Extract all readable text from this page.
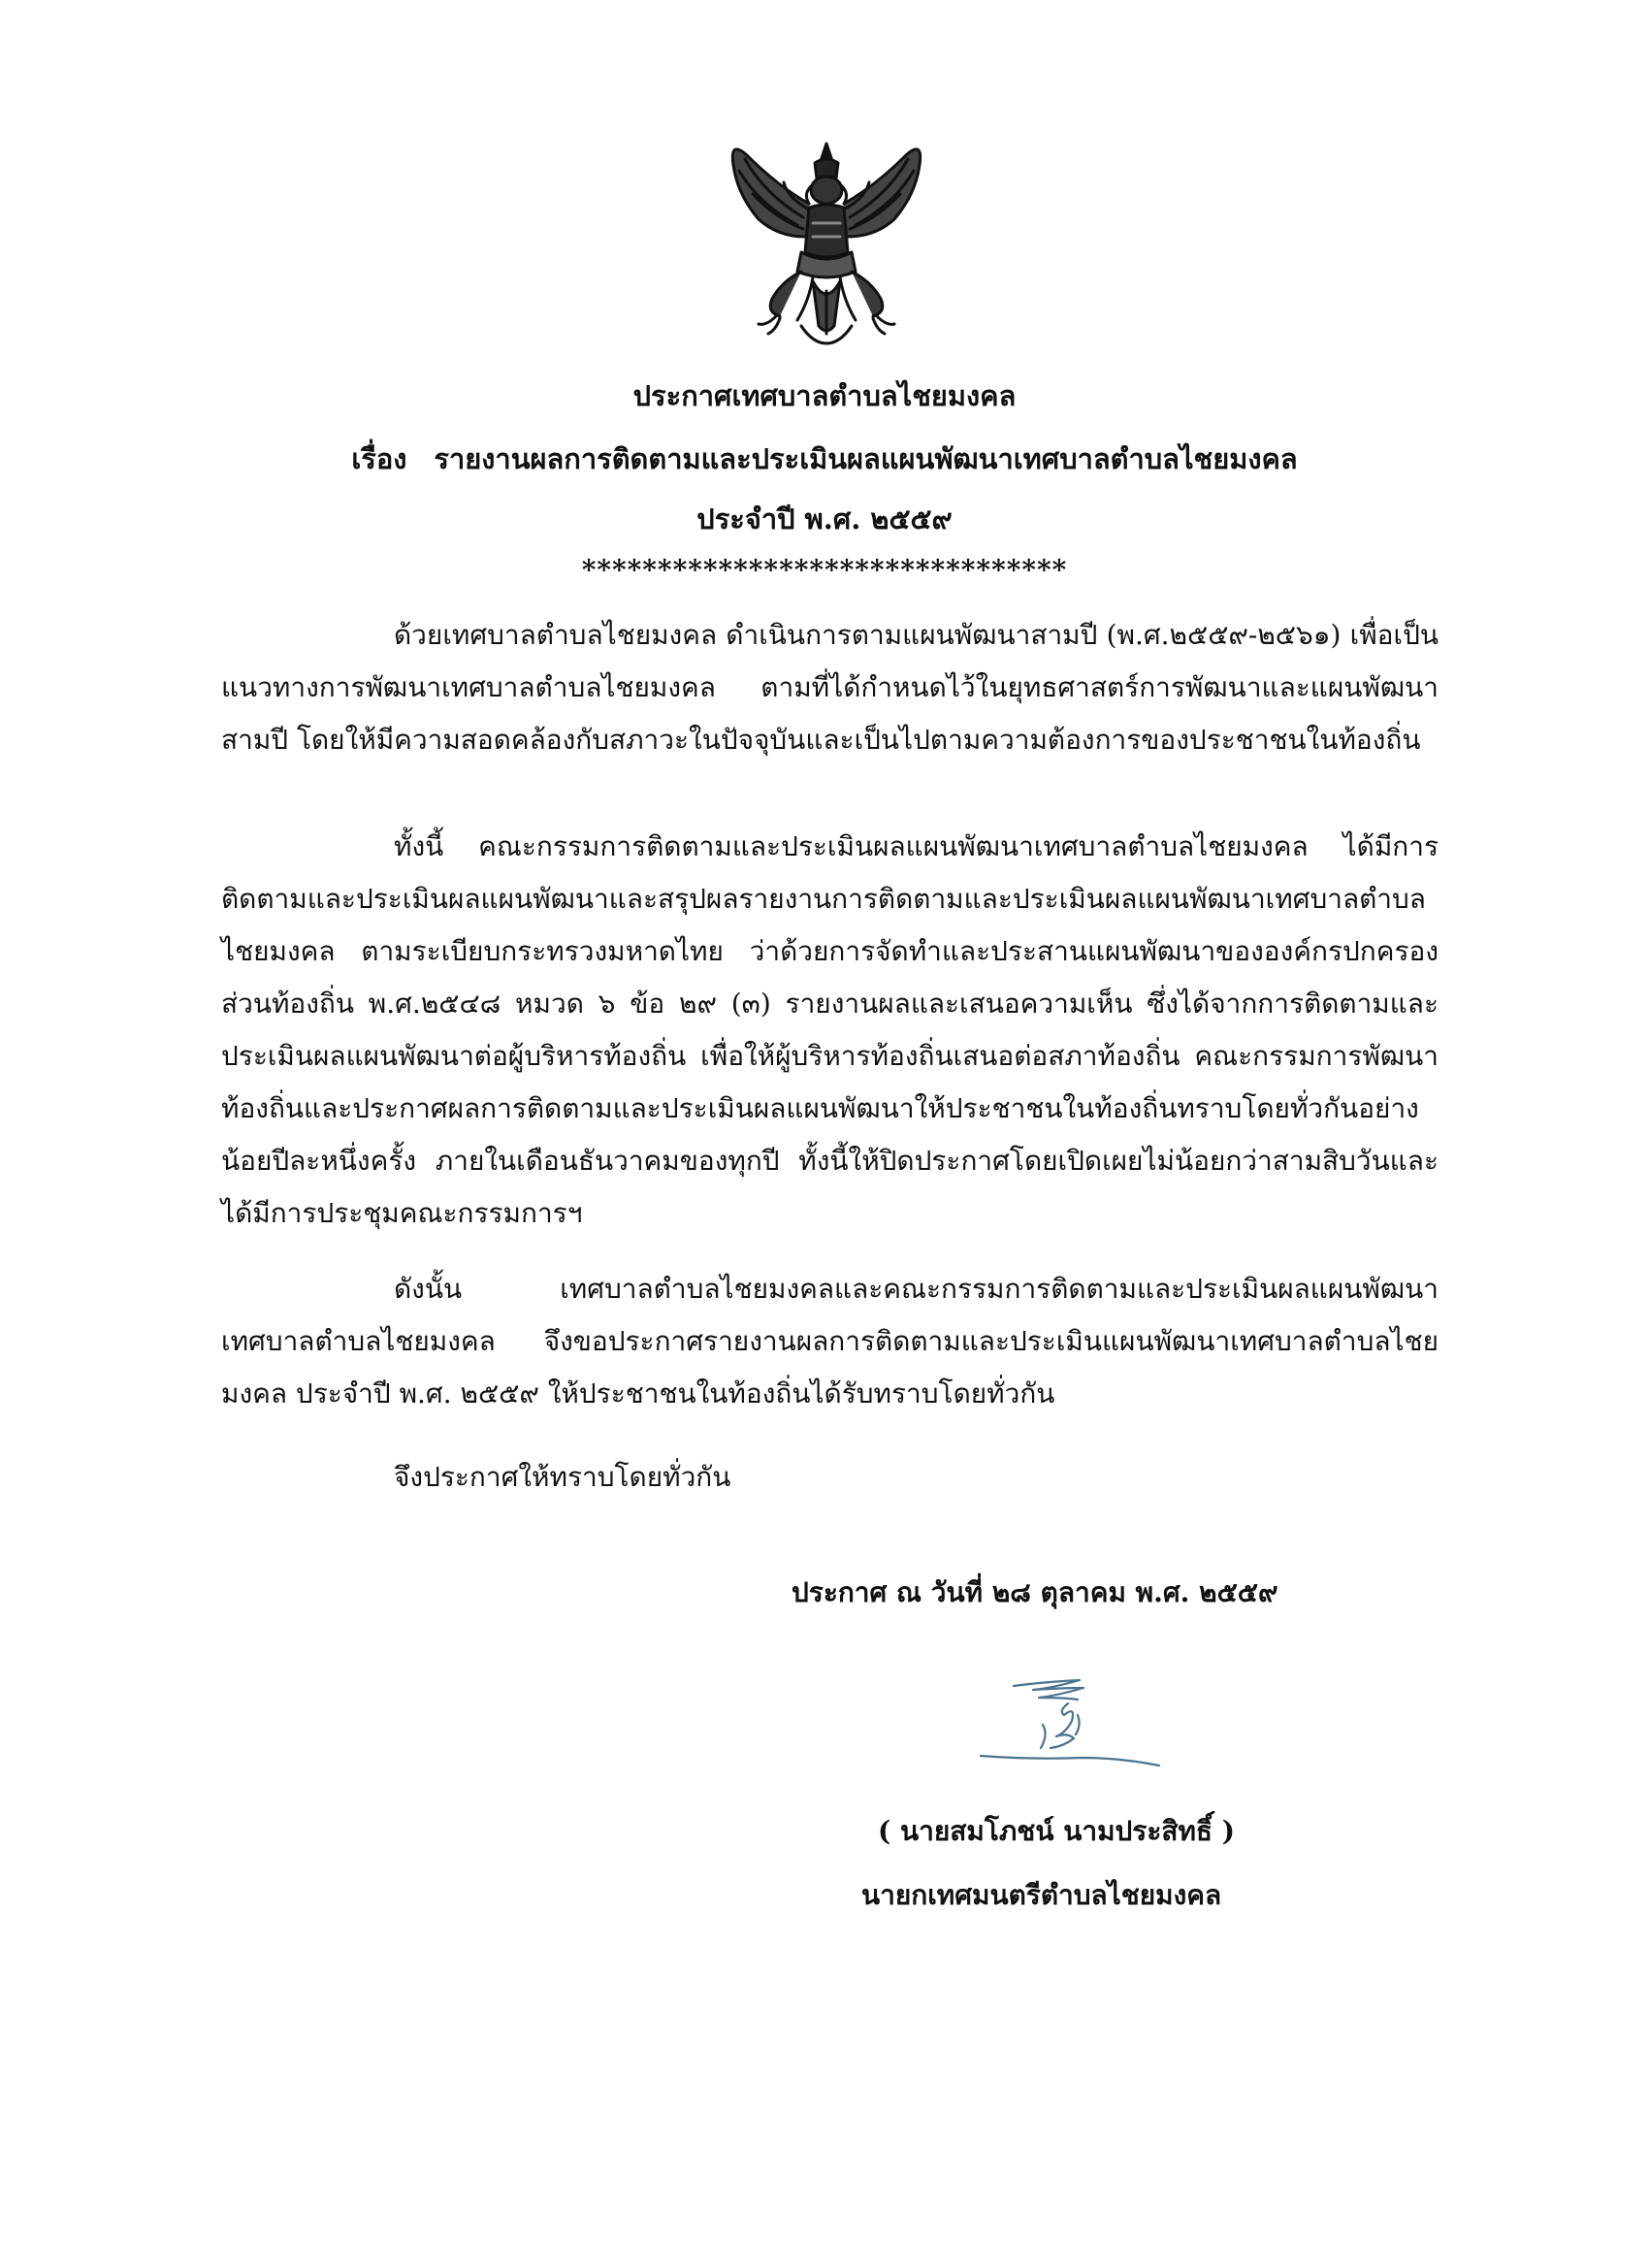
ประกาศเทศบาลตำบลไชยมงคล
เรื่อง รายงานผลการติดตามและประเมินผลแผนพัฒนาเทศบาลตำบลไชยมงคล
ประจำปี พ.ศ. ๒๕๕๙
********************************

ด้วยเทศบาลตำบลไชยมงคล ดำเนินการตามแผนพัฒนาสามปี (พ.ศ.๒๕๕๙-๒๕๖๑) เพื่อเป็นแนวทางการพัฒนาเทศบาลตำบลไชยมงคล ตามที่ได้กำหนดไว้ในยุทธศาสตร์การพัฒนาและแผนพัฒนาสามปี โดยให้มีความสอดคล้องกับสภาวะในปัจจุบันและเป็นไปตามความต้องการของประชาชนในท้องถิ่น

ทั้งนี้ คณะกรรมการติดตามและประเมินผลแผนพัฒนาเทศบาลตำบลไชยมงคล ได้มีการติดตามและประเมินผลแผนพัฒนาและสรุปผลรายงานการติดตามและประเมินผลแผนพัฒนาเทศบาลตำบลไชยมงคล ตามระเบียบกระทรวงมหาดไทย ว่าด้วยการจัดทำและประสานแผนพัฒนาขององค์กรปกครองส่วนท้องถิ่น พ.ศ.๒๕๔๘ หมวด ๖ ข้อ ๒๙ (๓) รายงานผลและเสนอความเห็น ซึ่งได้จากการติดตามและประเมินผลแผนพัฒนาต่อผู้บริหารท้องถิ่น เพื่อให้ผู้บริหารท้องถิ่นเสนอต่อสภาท้องถิ่น คณะกรรมการพัฒนาท้องถิ่นและประกาศผลการติดตามและประเมินผลแผนพัฒนาให้ประชาชนในท้องถิ่นทราบโดยทั่วกันอย่างน้อยปีละหนึ่งครั้ง ภายในเดือนธันวาคมของทุกปี ทั้งนี้ให้ปิดประกาศโดยเปิดเผยไม่น้อยกว่าสามสิบวันและได้มีการประชุมคณะกรรมการฯ

ดังนั้น เทศบาลตำบลไชยมงคลและคณะกรรมการติดตามและประเมินผลแผนพัฒนาเทศบาลตำบลไชยมงคล จึงขอประกาศรายงานผลการติดตามและประเมินแผนพัฒนาเทศบาลตำบลไชยมงคล ประจำปี พ.ศ. ๒๕๕๙ ให้ประชาชนในท้องถิ่นได้รับทราบโดยทั่วกัน

จึงประกาศให้ทราบโดยทั่วกัน
ประกาศ ณ วันที่ ๒๘ ตุลาคม พ.ศ. ๒๕๕๙
( นายสมโภชน์ นามประสิทธิ์ )
นายกเทศมนตรีตำบลไชยมงคล
